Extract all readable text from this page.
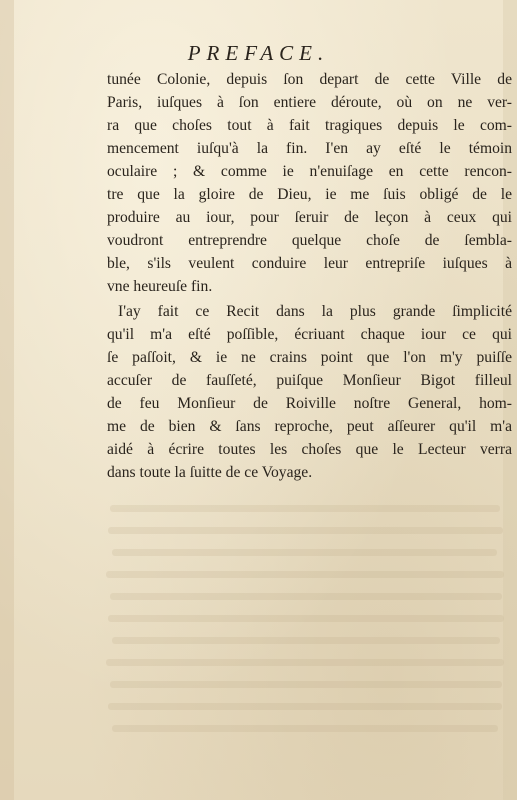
PREFACE.
tunée Colonie, depuis ſon depart de cette Ville de
Paris, iuſques à ſon entiere déroute, où on ne ver-
ra que choſes tout à fait tragiques depuis le com-
mencement iuſqu'à la fin. I'en ay eſté le témoin
oculaire ; & comme ie n'enuiſage en cette rencon-
tre que la gloire de Dieu, ie me ſuis obligé de le
produire au iour, pour ſeruir de leçon à ceux qui
voudront entreprendre quelque choſe de ſembla-
ble, s'ils veulent conduire leur entrepriſe iuſques à
vne heureuſe fin.
I'ay fait ce Recit dans la plus grande ſimplicité
qu'il m'a eſté poſſible, écriuant chaque iour ce qui
ſe paſſoit, & ie ne crains point que l'on m'y puiſſe
accuſer de fauſſeté, puiſque Monſieur Bigot filleul
de feu Monſieur de Roiville noſtre General, hom-
me de bien & ſans reproche, peut aſſeurer qu'il m'a
aidé à écrire toutes les choſes que le Lecteur verra
dans toute la ſuitte de ce Voyage.
